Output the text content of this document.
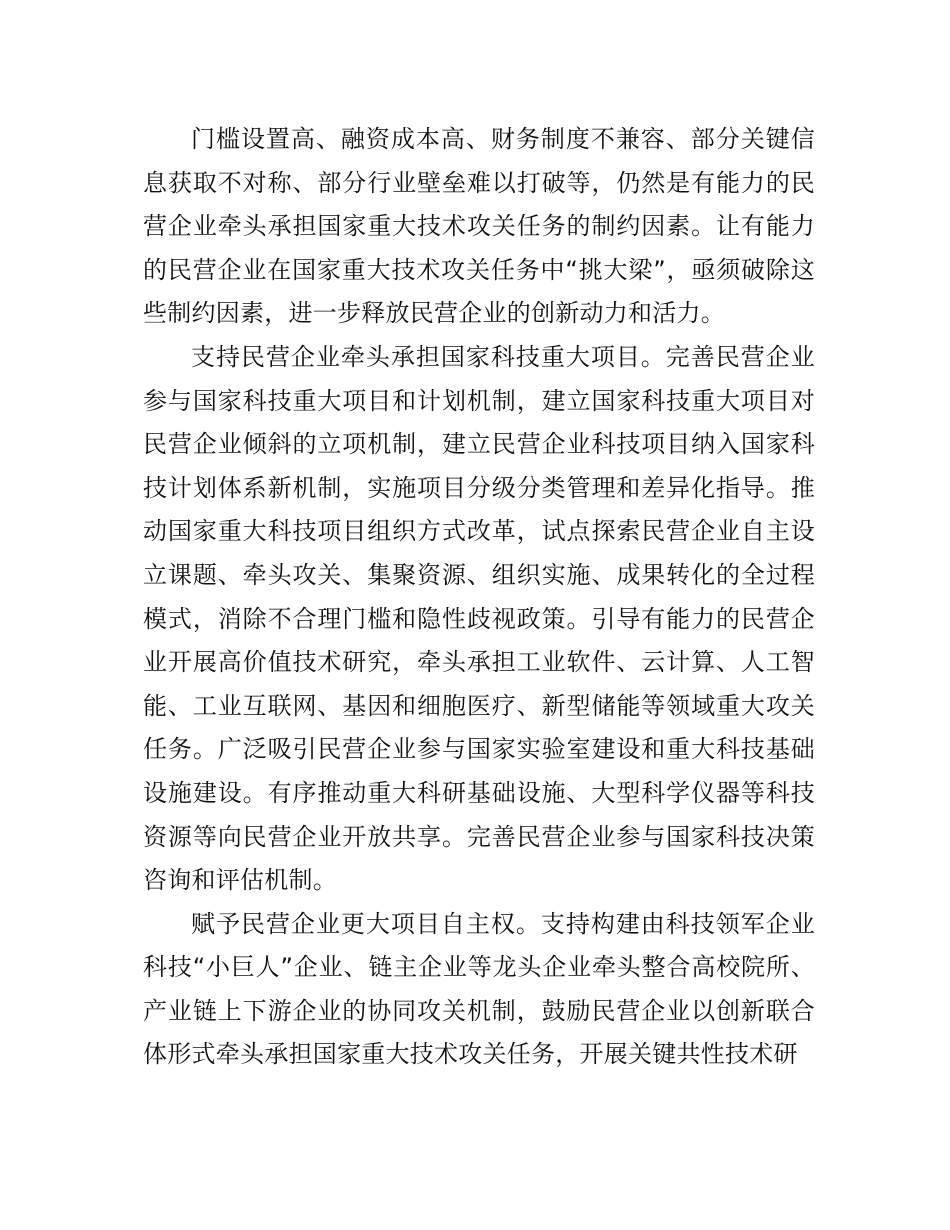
门槛设置高、融资成本高、财务制度不兼容、部分关键信息获取不对称、部分行业壁垒难以打破等，仍然是有能力的民营企业牵头承担国家重大技术攻关任务的制约因素。让有能力的民营企业在国家重大技术攻关任务中“挑大梁”，亟须破除这些制约因素，进一步释放民营企业的创新动力和活力。

支持民营企业牵头承担国家科技重大项目。完善民营企业参与国家科技重大项目和计划机制，建立国家科技重大项目对民营企业倾斜的立项机制，建立民营企业科技项目纳入国家科技计划体系新机制，实施项目分级分类管理和差异化指导。推动国家重大科技项目组织方式改革，试点探索民营企业自主设立课题、牵头攻关、集聚资源、组织实施、成果转化的全过程模式，消除不合理门槛和隐性歧视政策。引导有能力的民营企业开展高价值技术研究，牵头承担工业软件、云计算、人工智能、工业互联网、基因和细胞医疗、新型储能等领域重大攻关任务。广泛吸引民营企业参与国家实验室建设和重大科技基础设施建设。有序推动重大科研基础设施、大型科学仪器等科技资源等向民营企业开放共享。完善民营企业参与国家科技决策咨询和评估机制。

赋予民营企业更大项目自主权。支持构建由科技领军企业科技“小巨人”企业、链主企业等龙头企业牵头整合高校院所、产业链上下游企业的协同攻关机制，鼓励民营企业以创新联合体形式牵头承担国家重大技术攻关任务，开展关键共性技术研
